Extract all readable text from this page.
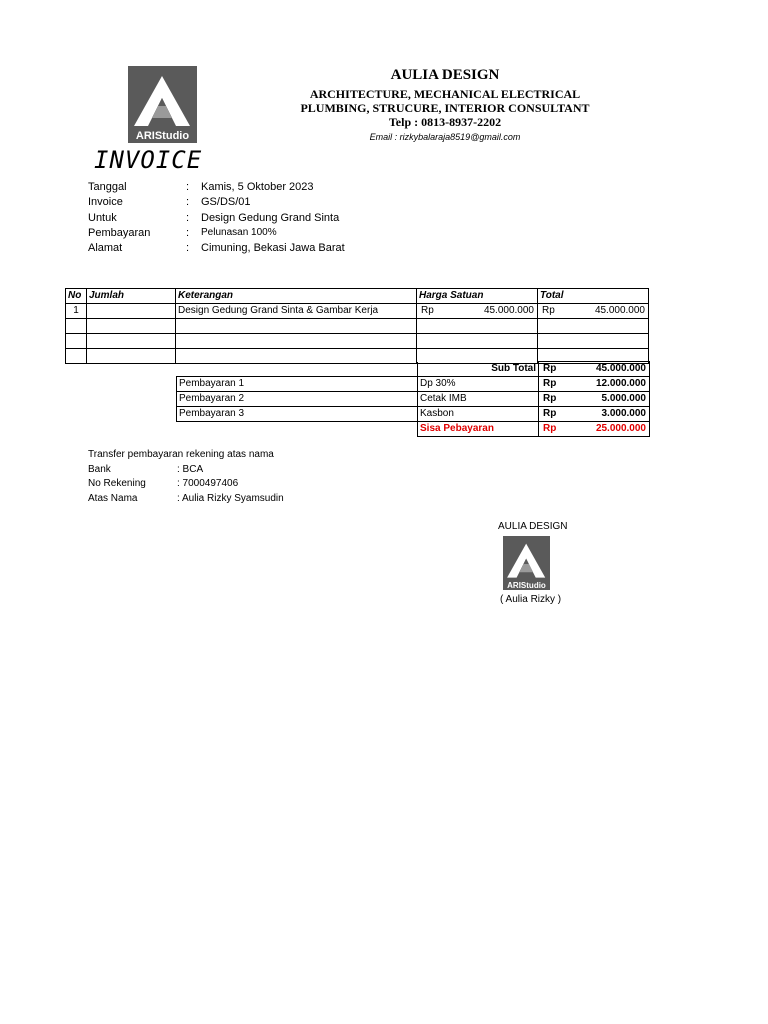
ARIStudio
AULIA DESIGN
ARCHITECTURE, MECHANICAL ELECTRICAL
PLUMBING, STRUCURE, INTERIOR CONSULTANT
Telp : 0813-8937-2202
Email : rizkybalaraja8519@gmail.com
INVOICE
Tanggal	: Kamis, 5 Oktober 2023
Invoice	: GS/DS/01
Untuk	: Design Gedung Grand Sinta
Pembayaran	: Pelunasan 100%
Alamat	: Cimuning, Bekasi Jawa Barat
No	Jumlah	Keterangan	Harga Satuan	Total
1		Design Gedung Grand Sinta & Gambar Kerja	Rp 45.000.000	Rp 45.000.000

	Sub Total	Rp 45.000.000

Pembayaran 1	Dp 30%	Rp 12.000.000

Pembayaran 2	Cetak IMB	Rp 5.000.000

Pembayaran 3	Kasbon	Rp 3.000.000

	Sisa Pebayaran	Rp 25.000.000

Transfer pembayaran rekening atas nama
Bank	: BCA
No Rekening	: 7000497406
Atas Nama	: Aulia Rizky Syamsudin
AULIA DESIGN
ARIStudio
( Aulia Rizky )
